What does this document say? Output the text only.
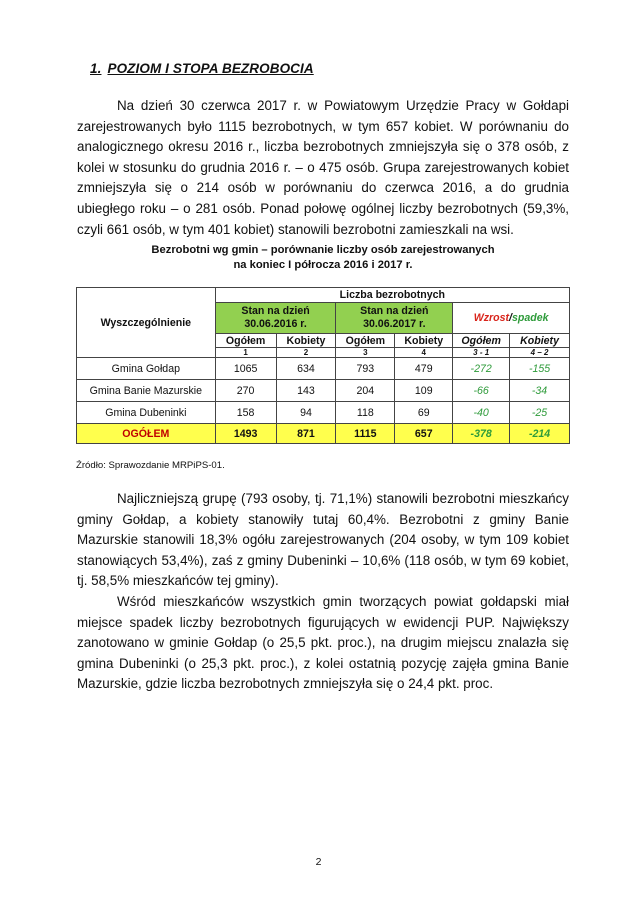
1. POZIOM I STOPA BEZROBOCIA

Na dzień 30 czerwca 2017 r. w Powiatowym Urzędzie Pracy w Gołdapi zarejestrowanych było 1115 bezrobotnych, w tym 657 kobiet. W porównaniu do analogicznego okresu 2016 r., liczba bezrobotnych zmniejszyła się o 378 osób, z kolei w stosunku do grudnia 2016 r. – o 475 osób. Grupa zarejestrowanych kobiet zmniejszyła się o 214 osób w porównaniu do czerwca 2016, a do grudnia ubiegłego roku – o 281 osób. Ponad połowę ogólnej liczby bezrobotnych (59,3%, czyli 661 osób, w tym 401 kobiet) stanowili bezrobotni zamieszkali na wsi.

Bezrobotni wg gmin – porównanie liczby osób zarejestrowanych
na koniec I półrocza 2016 i 2017 r.
Wyszczególnienie	Liczba bezrobotnych					
	Stan na dzień 30.06.2016 r.		Stan na dzień 30.06.2017 r.		Wzrost/spadek	
	Ogółem	Kobiety	Ogółem	Kobiety	Ogółem	Kobiety
	1	2	3	4	3 - 1	4 – 2
Gmina Gołdap	1065	634	793	479	-272	-155
Gmina Banie Mazurskie	270	143	204	109	-66	-34
Gmina Dubeninki	158	94	118	69	-40	-25
OGÓŁEM	1493	871	1115	657	-378	-214
Źródło: Sprawozdanie MRPiPS-01.

Najliczniejszą grupę (793 osoby, tj. 71,1%) stanowili bezrobotni mieszkańcy gminy Gołdap, a kobiety stanowiły tutaj 60,4%. Bezrobotni z gminy Banie Mazurskie stanowili 18,3% ogółu zarejestrowanych (204 osoby, w tym 109 kobiet stanowiących 53,4%), zaś z gminy Dubeninki – 10,6% (118 osób, w tym 69 kobiet, tj. 58,5% mieszkańców tej gminy).

Wśród mieszkańców wszystkich gmin tworzących powiat gołdapski miał miejsce spadek liczby bezrobotnych figurujących w ewidencji PUP. Największy zanotowano w gminie Gołdap (o 25,5 pkt. proc.), na drugim miejscu znalazła się gmina Dubeninki (o 25,3 pkt. proc.), z kolei ostatnią pozycję zajęła gmina Banie Mazurskie, gdzie liczba bezrobotnych zmniejszyła się o 24,4 pkt. proc.

2
